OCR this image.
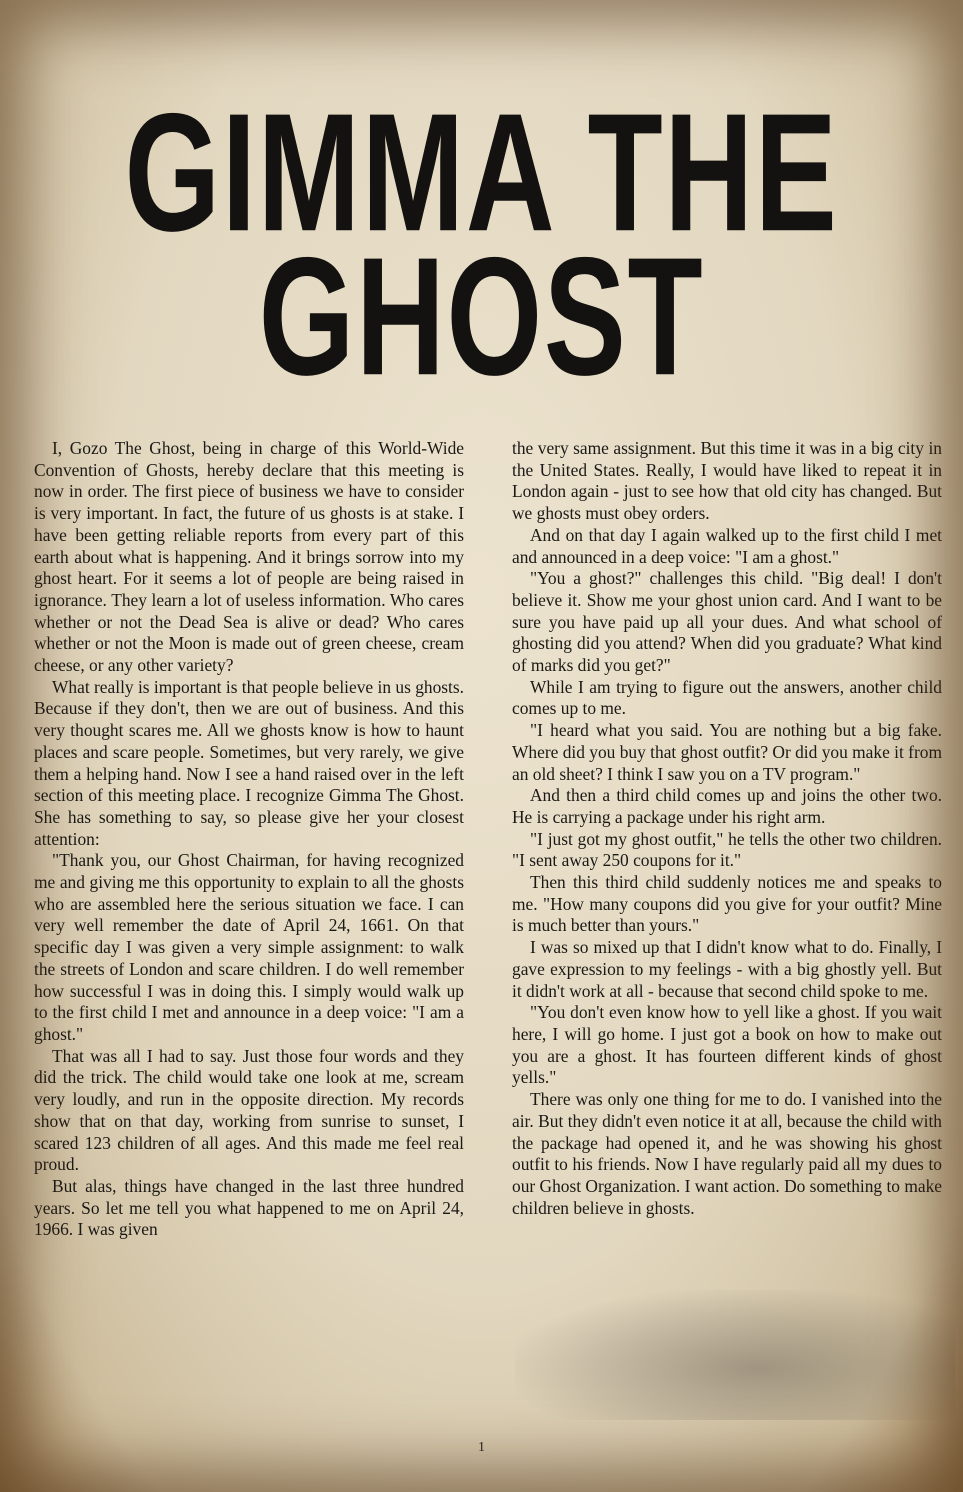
GIMMA THE
GHOST

I, Gozo The Ghost, being in charge of this World-Wide Convention of Ghosts, hereby declare that this meeting is now in order. The first piece of business we have to consider is very important. In fact, the future of us ghosts is at stake. I have been getting reliable reports from every part of this earth about what is happening. And it brings sorrow into my ghost heart. For it seems a lot of people are being raised in ignorance. They learn a lot of useless information. Who cares whether or not the Dead Sea is alive or dead? Who cares whether or not the Moon is made out of green cheese, cream cheese, or any other variety?

What really is important is that people believe in us ghosts. Because if they don't, then we are out of business. And this very thought scares me. All we ghosts know is how to haunt places and scare people. Sometimes, but very rarely, we give them a helping hand. Now I see a hand raised over in the left section of this meeting place. I recognize Gimma The Ghost. She has something to say, so please give her your closest attention:

"Thank you, our Ghost Chairman, for having recognized me and giving me this opportunity to explain to all the ghosts who are assembled here the serious situation we face. I can very well remember the date of April 24, 1661. On that specific day I was given a very simple assignment: to walk the streets of London and scare children. I do well remember how successful I was in doing this. I simply would walk up to the first child I met and announce in a deep voice: "I am a ghost."

That was all I had to say. Just those four words and they did the trick. The child would take one look at me, scream very loudly, and run in the opposite direction. My records show that on that day, working from sunrise to sunset, I scared 123 children of all ages. And this made me feel real proud.

But alas, things have changed in the last three hundred years. So let me tell you what happened to me on April 24, 1966. I was given

the very same assignment. But this time it was in a big city in the United States. Really, I would have liked to repeat it in London again - just to see how that old city has changed. But we ghosts must obey orders.

And on that day I again walked up to the first child I met and announced in a deep voice: "I am a ghost."

"You a ghost?" challenges this child. "Big deal! I don't believe it. Show me your ghost union card. And I want to be sure you have paid up all your dues. And what school of ghosting did you attend? When did you graduate? What kind of marks did you get?"

While I am trying to figure out the answers, another child comes up to me.

"I heard what you said. You are nothing but a big fake. Where did you buy that ghost outfit? Or did you make it from an old sheet? I think I saw you on a TV program."

And then a third child comes up and joins the other two. He is carrying a package under his right arm.

"I just got my ghost outfit," he tells the other two children. "I sent away 250 coupons for it."

Then this third child suddenly notices me and speaks to me. "How many coupons did you give for your outfit? Mine is much better than yours."

I was so mixed up that I didn't know what to do. Finally, I gave expression to my feelings - with a big ghostly yell. But it didn't work at all - because that second child spoke to me.

"You don't even know how to yell like a ghost. If you wait here, I will go home. I just got a book on how to make out you are a ghost. It has fourteen different kinds of ghost yells."

There was only one thing for me to do. I vanished into the air. But they didn't even notice it at all, because the child with the package had opened it, and he was showing his ghost outfit to his friends. Now I have regularly paid all my dues to our Ghost Organization. I want action. Do something to make children believe in ghosts.

1
